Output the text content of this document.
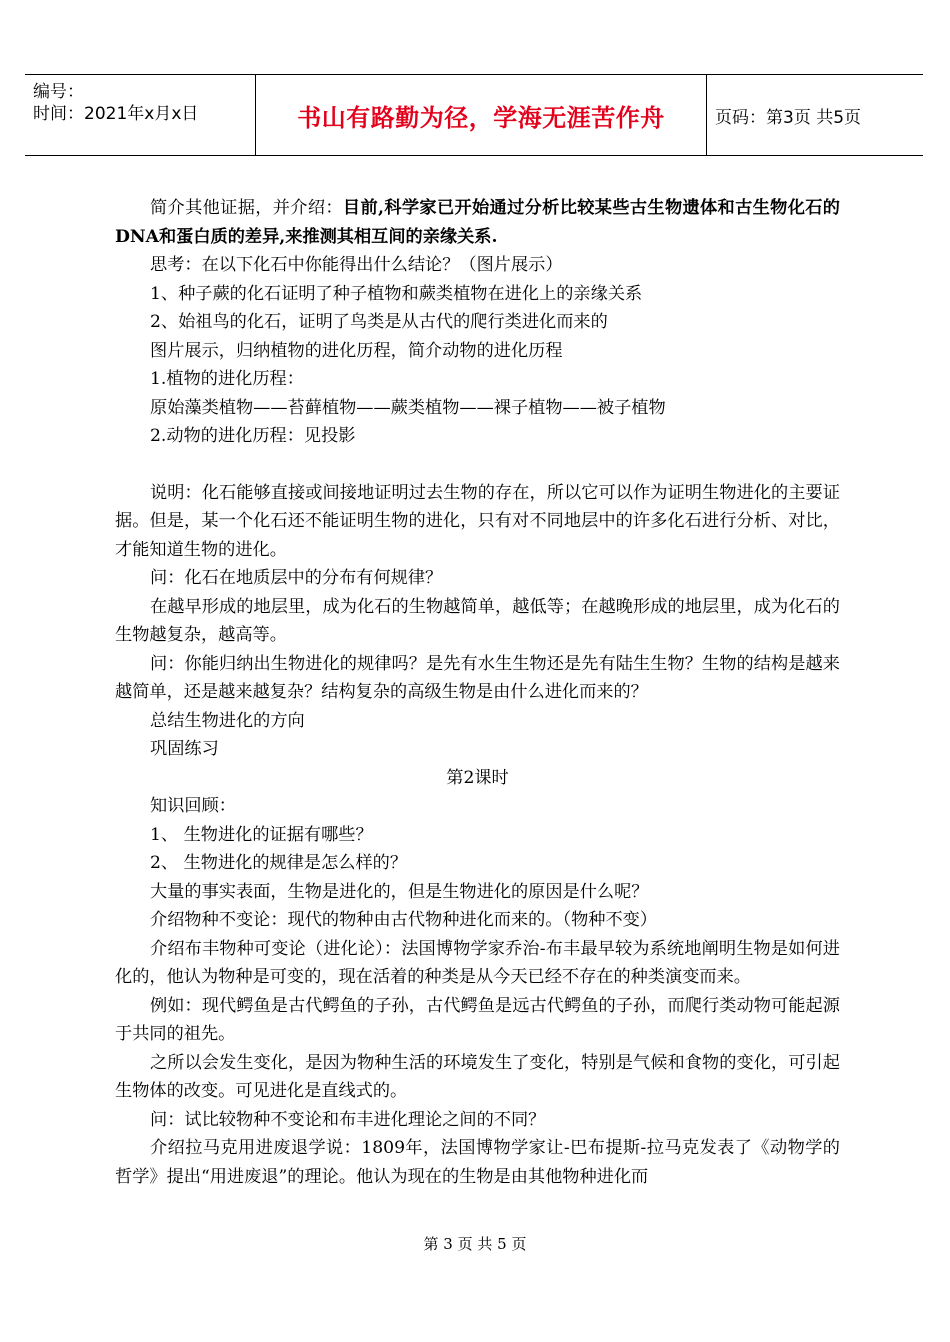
编号：
时间：2021年x月x日	书山有路勤为径，学海无涯苦作舟	页码：第3页 共5页

简介其他证据，并介绍：目前,科学家已开始通过分析比较某些古生物遗体和古生物化石的DNA和蛋白质的差异,来推测其相互间的亲缘关系.

思考：在以下化石中你能得出什么结论？（图片展示）

1、种子蕨的化石证明了种子植物和蕨类植物在进化上的亲缘关系

2、始祖鸟的化石，证明了鸟类是从古代的爬行类进化而来的

图片展示，归纳植物的进化历程，简介动物的进化历程

1.植物的进化历程：

原始藻类植物——苔藓植物——蕨类植物——裸子植物——被子植物

2.动物的进化历程：见投影

说明：化石能够直接或间接地证明过去生物的存在，所以它可以作为证明生物进化的主要证据。但是，某一个化石还不能证明生物的进化，只有对不同地层中的许多化石进行分析、对比，才能知道生物的进化。

问：化石在地质层中的分布有何规律？

在越早形成的地层里，成为化石的生物越简单，越低等；在越晚形成的地层里，成为化石的生物越复杂，越高等。

问：你能归纳出生物进化的规律吗？是先有水生生物还是先有陆生生物？生物的结构是越来越简单，还是越来越复杂？结构复杂的高级生物是由什么进化而来的？

总结生物进化的方向

巩固练习

第2课时

知识回顾：

1、 生物进化的证据有哪些？

2、 生物进化的规律是怎么样的？

大量的事实表面，生物是进化的，但是生物进化的原因是什么呢？

介绍物种不变论：现代的物种由古代物种进化而来的。（物种不变）

介绍布丰物种可变论（进化论）：法国博物学家乔治-布丰最早较为系统地阐明生物是如何进化的，他认为物种是可变的，现在活着的种类是从今天已经不存在的种类演变而来。

例如：现代鳄鱼是古代鳄鱼的子孙，古代鳄鱼是远古代鳄鱼的子孙，而爬行类动物可能起源于共同的祖先。

之所以会发生变化，是因为物种生活的环境发生了变化，特别是气候和食物的变化，可引起生物体的改变。可见进化是直线式的。

问：试比较物种不变论和布丰进化理论之间的不同？

介绍拉马克用进废退学说：1809年，法国博物学家让-巴布提斯-拉马克发表了《动物学的哲学》提出“用进废退”的理论。他认为现在的生物是由其他物种进化而

第 3 页 共 5 页
